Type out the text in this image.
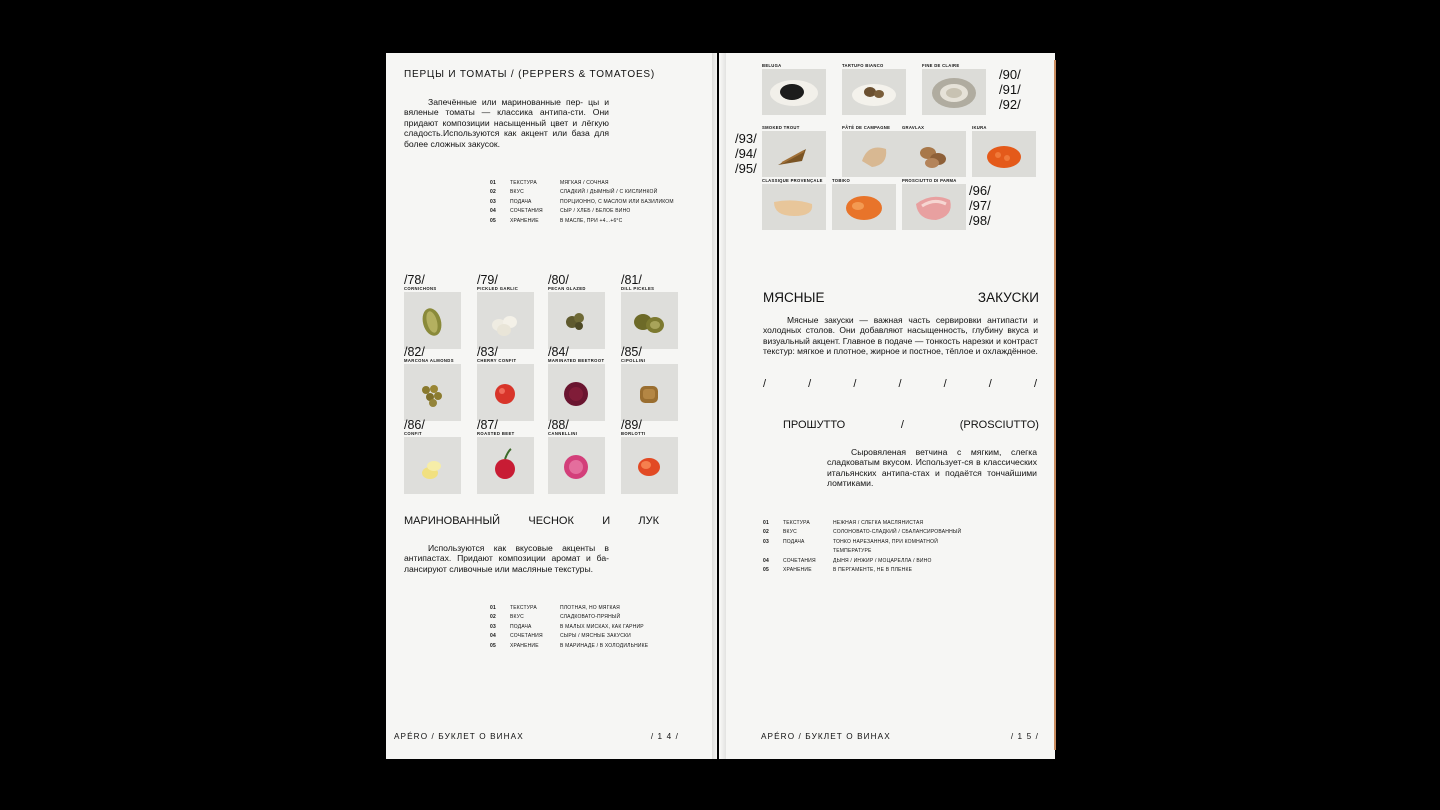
ПЕРЦЫ И ТОМАТЫ / (PEPPERS & TOMATOES)
Запечённые или маринованные пер- цы и вяленые томаты — классика антипа-сти. Они придают композиции насыщенный цвет и лёгкую сладость.Используются как акцент или база для более сложных закусок.
01	ТЕКСТУРА	МЯГКАЯ / СОЧНАЯ
02	ВКУС	СЛАДКИЙ / ДЫМНЫЙ / С КИСЛИНКОЙ
03	ПОДАЧА	ПОРЦИОННО, С МАСЛОМ ИЛИ БАЗИЛИКОМ
04	СОЧЕТАНИЯ	СЫР / ХЛЕБ / БЕЛОЕ ВИНО
05	ХРАНЕНИЕ	В МАСЛЕ, ПРИ +4...+6°С
/78/
CORNICHONS
/79/
PICKLED GARLIC
/80/
PECAN GLAZED
/81/
DILL PICKLES
/82/
MARCONA ALMONDS
/83/
CHERRY CONFIT
/84/
MARINATED BEETROOT
/85/
CIPOLLINI
/86/
CONFIT
/87/
ROASTED BEET
/88/
CANNELLINI
/89/
BORLOTTI
МАРИНОВАННЫЙ	ЧЕСНОК	И	ЛУК
Используются как вкусовые акценты в антипастах. Придают композиции аромат и ба-лансируют сливочные или масляные текстуры.
01	ТЕКСТУРА	ПЛОТНАЯ, НО МЯГКАЯ
02	ВКУС	СЛАДКОВАТО-ПРЯНЫЙ
03	ПОДАЧА	В МАЛЫХ МИСКАХ, КАК ГАРНИР
04	СОЧЕТАНИЯ	СЫРЫ / МЯСНЫЕ ЗАКУСКИ
05	ХРАНЕНИЕ	В МАРИНАДЕ / В ХОЛОДИЛЬНИКЕ
APÉRO / БУКЛЕТ О ВИНАХ	/ 1 4 /
BELUGA	TARTUFO BIANCO	FINE DE CLAIRE
/90/
/91/
/92/
SMOKED TROUT	PÂTÉ DE CAMPAGNE	GRAVLAX	IKURA
/93/
/94/
/95/
CLASSIQUE PROVENÇALE	TOBIKO	PROSCIUTTO DI PARMA
/96/
/97/
/98/
МЯСНЫЕ	ЗАКУСКИ
Мясные закуски — важная часть сервировки антипасти и холодных столов. Они добавляют насыщенность, глубину вкуса и визуальный акцент. Главное в подаче — тонкость нарезки и контраст текстур: мягкое и плотное, жирное и постное, тёплое и охлаждённое.
/	/	/	/	/	/	/
ПРОШУТТО	/	(PROSCIUTTO)
Сыровяленая ветчина с мягким, слегка сладковатым вкусом. Использует-ся в классических итальянских антипа-стах и подаётся тончайшими ломтиками.
01	ТЕКСТУРА	НЕЖНАЯ / СЛЕГКА МАСЛЯНИСТАЯ
02	ВКУС	СОЛОНОВАТО-СЛАДКИЙ / СБАЛАНСИРОВАННЫЙ
03	ПОДАЧА	ТОНКО НАРЕЗАННАЯ, ПРИ КОМНАТНОЙ
		ТЕМПЕРАТУРЕ
04	СОЧЕТАНИЯ	ДЫНЯ / ИНЖИР / МОЦАРЕЛЛА / ВИНО
05	ХРАНЕНИЕ	В ПЕРГАМЕНТЕ, НЕ В ПЛЕНКЕ
APÉRO / БУКЛЕТ О ВИНАХ	/ 1 5 /
